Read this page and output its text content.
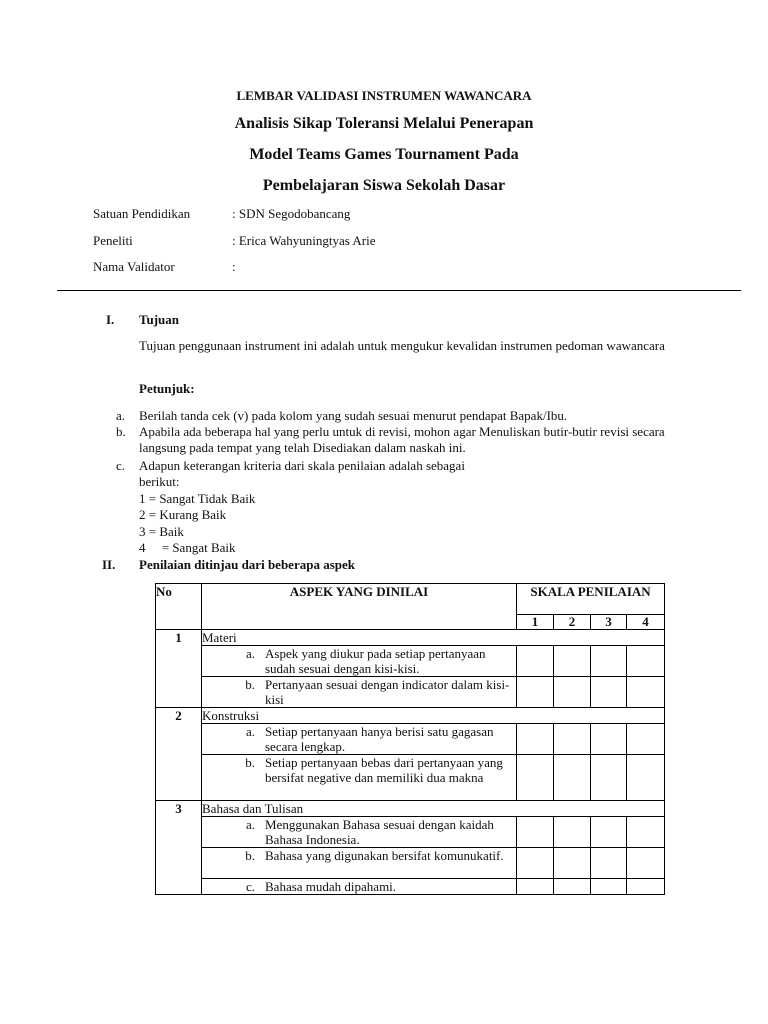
LEMBAR VALIDASI INSTRUMEN WAWANCARA
Analisis Sikap Toleransi Melalui Penerapan
Model Teams Games Tournament Pada
Pembelajaran Siswa Sekolah Dasar
Satuan Pendidikan	: SDN Segodobancang
Peneliti	: Erica Wahyuningtyas Arie
Nama Validator	:
I. Tujuan
Tujuan penggunaan instrument ini adalah untuk mengukur kevalidan instrumen pedoman wawancara
Petunjuk:
a. Berilah tanda cek (v) pada kolom yang sudah sesuai menurut pendapat Bapak/Ibu.
b. Apabila ada beberapa hal yang perlu untuk di revisi, mohon agar Menuliskan butir-butir revisi secara langsung pada tempat yang telah Disediakan dalam naskah ini.
c. Adapun keterangan kriteria dari skala penilaian adalah sebagai
berikut:
1 = Sangat Tidak Baik
2 = Kurang Baik
3 = Baik
4     = Sangat Baik
II. Penilaian ditinjau dari beberapa aspek
No	ASPEK YANG DINILAI	SKALA PENILAIAN			
		1	2	3	4
1	Materi				

	a. Aspek yang diukur pada setiap pertanyaan sudah sesuai dengan kisi-kisi.				

	b. Pertanyaan sesuai dengan indicator dalam kisi-kisi				

2	Konstruksi				

	a. Setiap pertanyaan hanya berisi satu gagasan secara lengkap.				

	b. Setiap pertanyaan bebas dari pertanyaan yang bersifat negative dan memiliki dua makna				

3	Bahasa dan Tulisan				

	a. Menggunakan Bahasa sesuai dengan kaidah Bahasa Indonesia.				

	b. Bahasa yang digunakan bersifat komunukatif.				

	c. Bahasa mudah dipahami.				
